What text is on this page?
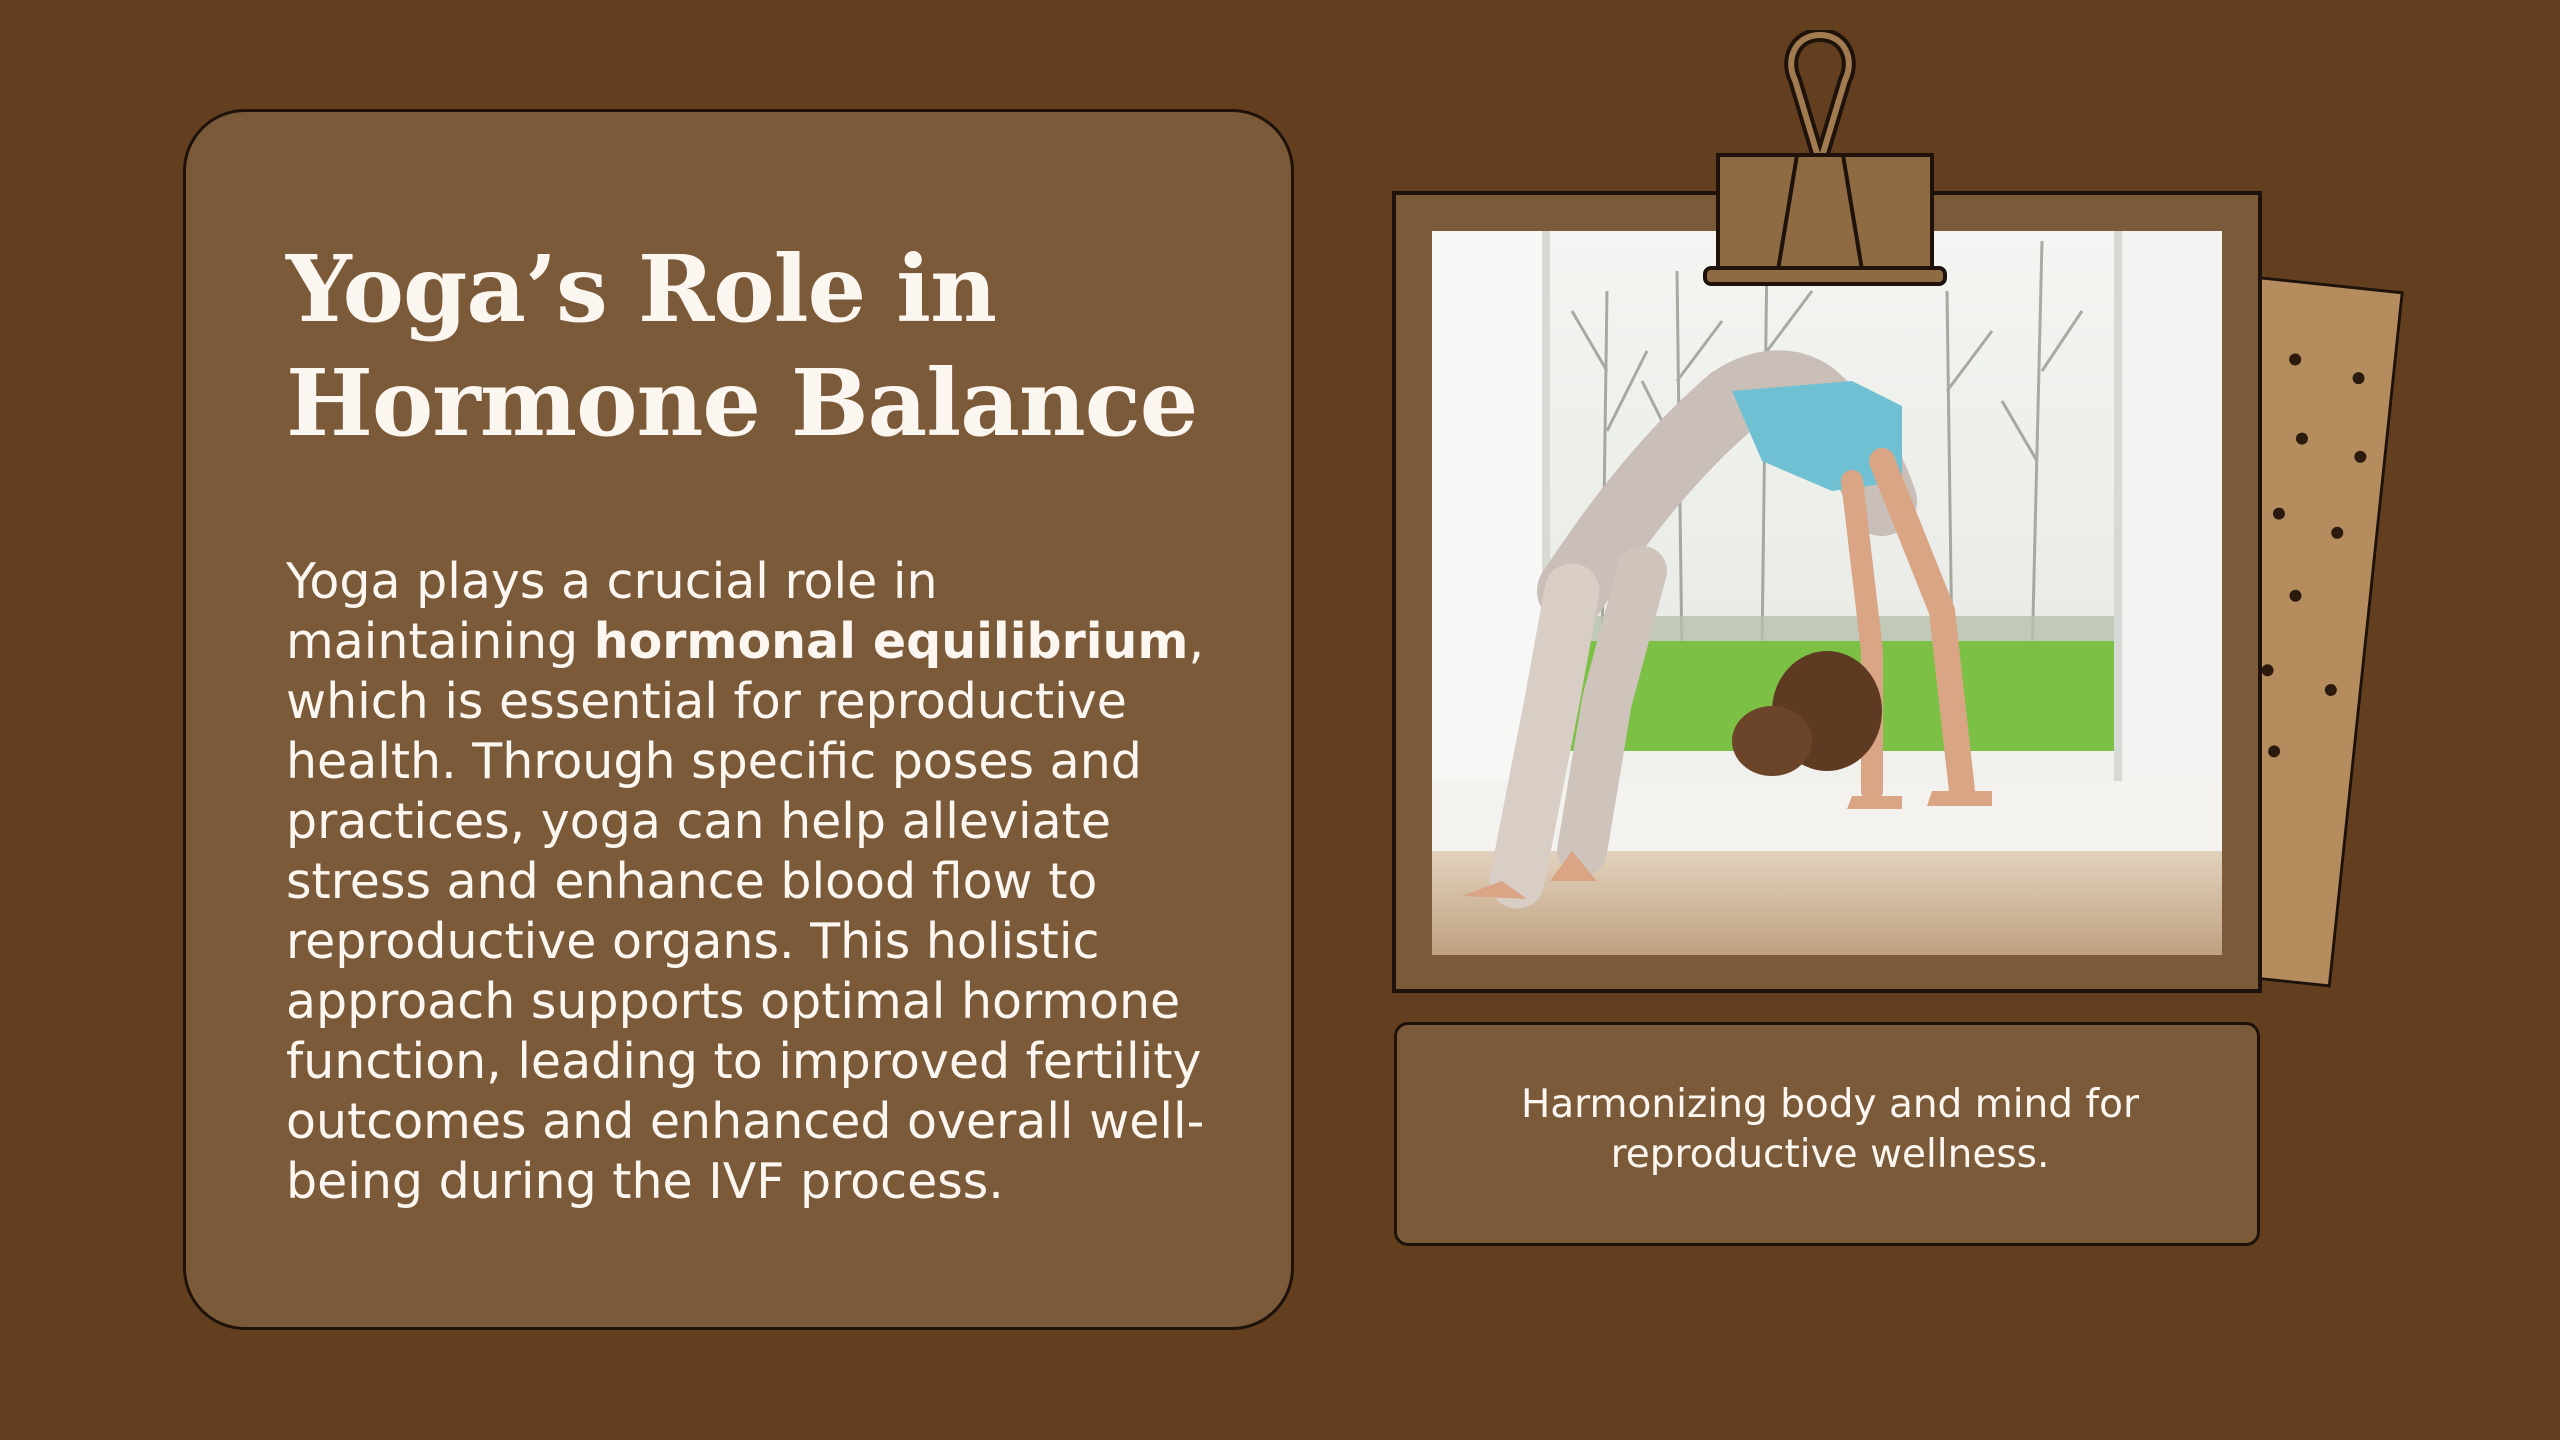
Yoga’s Role in Hormone Balance

Yoga plays a crucial role in maintaining hormonal equilibrium, which is essential for reproductive health. Through specific poses and practices, yoga can help alleviate stress and enhance blood flow to reproductive organs. This holistic approach supports optimal hormone function, leading to improved fertility outcomes and enhanced overall well-being during the IVF process.

Harmonizing body and mind for reproductive wellness.
